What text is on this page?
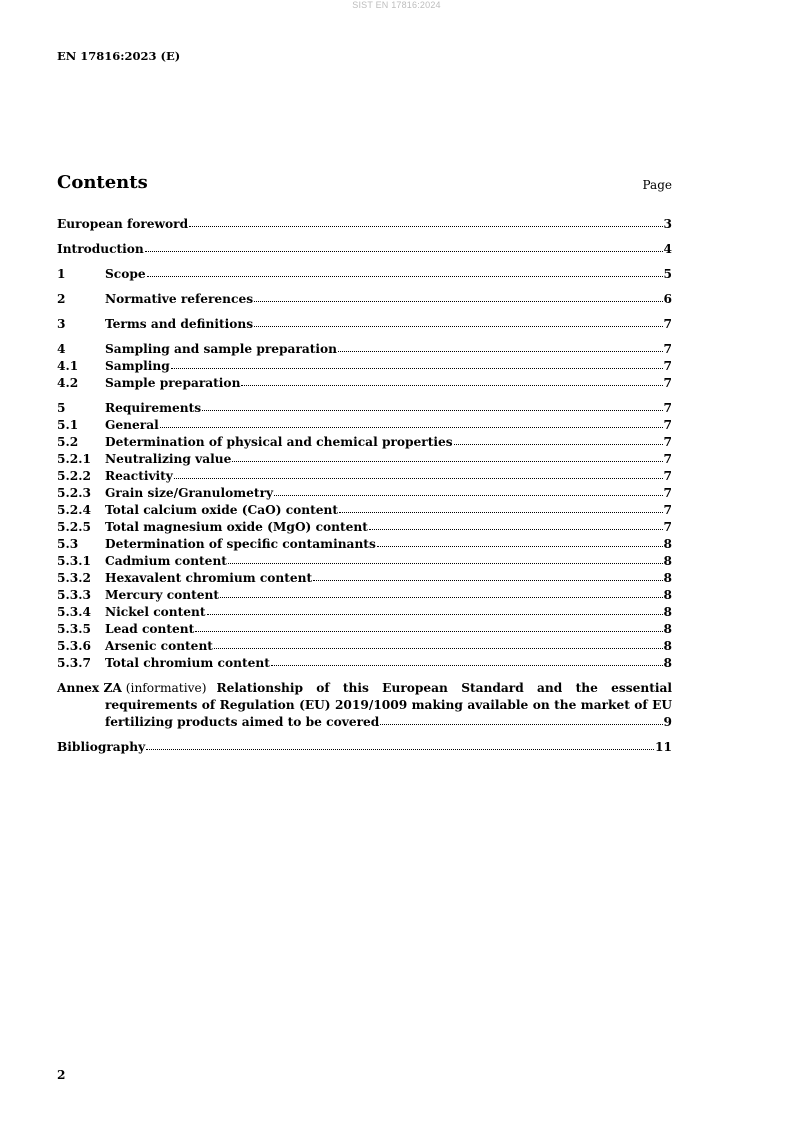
SIST EN 17816:2024
EN 17816:2023 (E)
Contents	Page
European foreword	3
Introduction	4
1	Scope	5
2	Normative references	6
3	Terms and definitions	7
4	Sampling and sample preparation	7
4.1	Sampling	7
4.2	Sample preparation	7
5	Requirements	7
5.1	General	7
5.2	Determination of physical and chemical properties	7
5.2.1	Neutralizing value	7
5.2.2	Reactivity	7
5.2.3	Grain size/Granulometry	7
5.2.4	Total calcium oxide (CaO) content	7
5.2.5	Total magnesium oxide (MgO) content	7
5.3	Determination of specific contaminants	8
5.3.1	Cadmium content	8
5.3.2	Hexavalent chromium content	8
5.3.3	Mercury content	8
5.3.4	Nickel content	8
5.3.5	Lead content	8
5.3.6	Arsenic content	8
5.3.7	Total chromium content	8
Annex ZA (informative) Relationship of this European Standard and the essential
requirements of Regulation (EU) 2019/1009 making available on the market of EU
fertilizing products aimed to be covered	9
Bibliography	11
2
